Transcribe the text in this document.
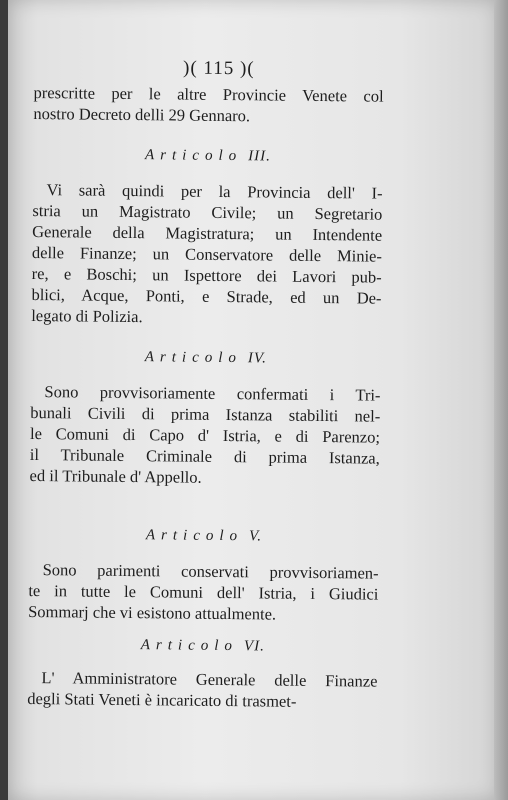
)( 115 )(
prescritte per le altre Provincie Venete col
nostro Decreto delli 29 Gennaro.
Articolo III.
Vi sarà quindi per la Provincia dell' I-
stria un Magistrato Civile; un Segretario
Generale della Magistratura; un Intendente
delle Finanze; un Conservatore delle Minie-
re, e Boschi; un Ispettore dei Lavori pub-
blici, Acque, Ponti, e Strade, ed un De-
legato di Polizia.
Articolo IV.
Sono provvisoriamente confermati i Tri-
bunali Civili di prima Istanza stabiliti nel-
le Comuni di Capo d' Istria, e di Parenzo;
il Tribunale Criminale di prima Istanza,
ed il Tribunale d' Appello.
Articolo V.
Sono parimenti conservati provvisoriamen-
te in tutte le Comuni dell' Istria, i Giudici
Sommarj che vi esistono attualmente.
Articolo VI.
L' Amministratore Generale delle Finanze
degli Stati Veneti è incaricato di trasmet-
